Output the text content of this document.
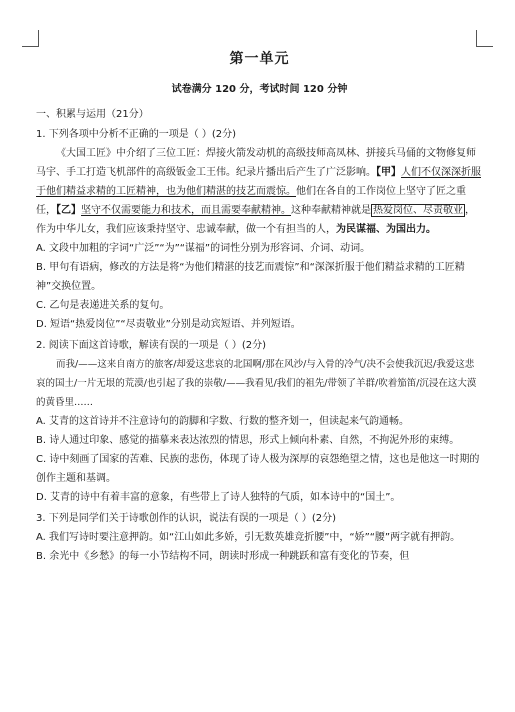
第一单元
试卷满分 120 分，考试时间 120 分钟
一、积累与运用（21分）

1. 下列各项中分析不正确的一项是（ ）(2分)

《大国工匠》中介绍了三位工匠：焊接火箭发动机的高级技师高凤林、拼接兵马俑的文物修复师马宇、手工打造飞机部件的高级钣金工王伟。纪录片播出后产生了广泛影响。【甲】人们不仅深深折服于他们精益求精的工匠精神，也为他们精湛的技艺而震惊。他们在各自的工作岗位上坚守了匠之重任，【乙】坚守不仅需要能力和技术，而且需要奉献精神。这种奉献精神就是 热爱岗位、尽责敬业 ，作为中华儿女，我们应该秉持坚守、忠诚奉献，做一个有担当的人，为民谋福、为国出力。

A. 文段中加粗的字词“广泛”“为”“谋福”的词性分别为形容词、介词、动词。

B. 甲句有语病，修改的方法是将“为他们精湛的技艺而震惊”和“深深折服于他们精益求精的工匠精神”交换位置。

C. 乙句是表递进关系的复句。

D. 短语“热爱岗位”“尽责敬业”分别是动宾短语、并列短语。

2. 阅读下面这首诗歌，解读有误的一项是（ ）(2分)

而我/——这来自南方的旅客/却爱这悲哀的北国啊/那在风沙/与入骨的冷气/决不会使我沉迟/我爱这悲哀的国土/一片无垠的荒漠/也引起了我的崇敬/——我看见/我们的祖先/带领了羊群/吹着笳笛/沉浸在这大漠的黄昏里……

A. 艾青的这首诗并不注意诗句的韵脚和字数、行数的整齐划一，但读起来气韵通畅。

B. 诗人通过印象、感觉的描摹来表达浓烈的情思，形式上倾向朴素、自然，不拘泥外形的束缚。

C. 诗中刻画了国家的苦难、民族的悲伤，体现了诗人极为深厚的哀怨绝望之情，这也是他这一时期的创作主题和基调。

D. 艾青的诗中有着丰富的意象，有些带上了诗人独特的气质，如本诗中的“国土”。

3. 下列是同学们关于诗歌创作的认识，说法有误的一项是（ ）(2分)

A. 我们写诗时要注意押韵。如“江山如此多娇，引无数英雄竞折腰”中，“娇”“腰”两字就有押韵。

B. 余光中《乡愁》的每一小节结构不同，朗读时形成一种跳跃和富有变化的节奏，但
